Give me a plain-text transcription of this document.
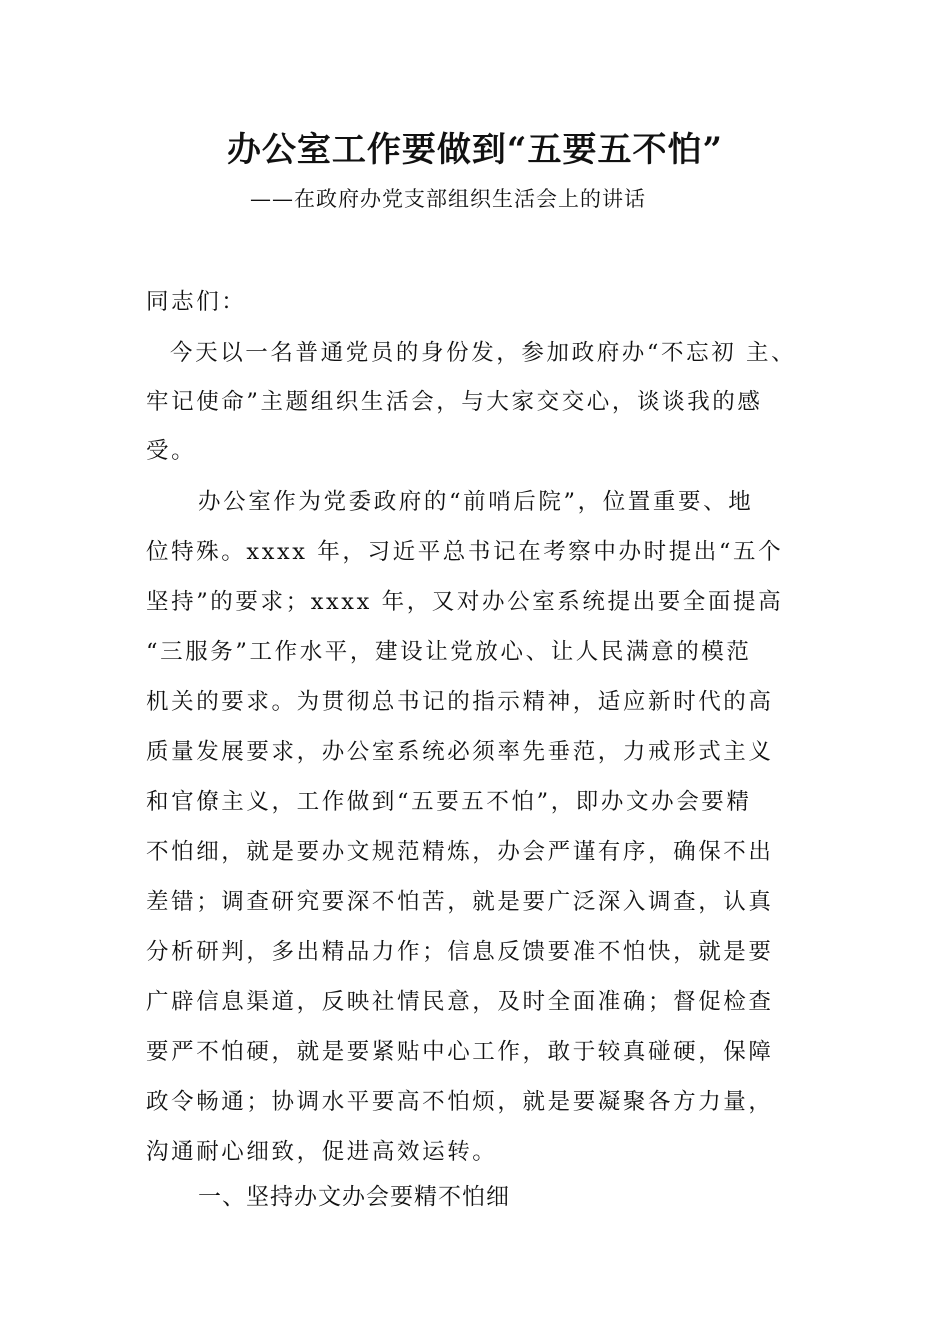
办公室工作要做到“五要五不怕”
——在政府办党支部组织生活会上的讲话
同志们：
今天以一名普通党员的身份发，参加政府办“不忘初 主、
牢记使命”主题组织生活会，与大家交交心，谈谈我的感
受。
办公室作为党委政府的“前哨后院”，位置重要、地
位特殊。xxxx 年，习近平总书记在考察中办时提出“五个
坚持”的要求；xxxx 年，又对办公室系统提出要全面提高
“三服务”工作水平，建设让党放心、让人民满意的模范
机关的要求。为贯彻总书记的指示精神，适应新时代的高
质量发展要求，办公室系统必须率先垂范，力戒形式主义
和官僚主义，工作做到“五要五不怕”，即办文办会要精
不怕细，就是要办文规范精炼，办会严谨有序，确保不出
差错；调查研究要深不怕苦，就是要广泛深入调查，认真
分析研判，多出精品力作；信息反馈要准不怕快，就是要
广辟信息渠道，反映社情民意，及时全面准确；督促检查
要严不怕硬，就是要紧贴中心工作，敢于较真碰硬，保障
政令畅通；协调水平要高不怕烦，就是要凝聚各方力量，
沟通耐心细致，促进高效运转。
一、坚持办文办会要精不怕细
